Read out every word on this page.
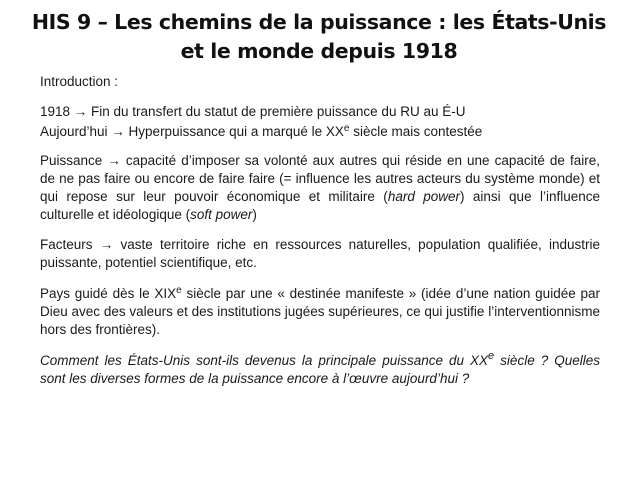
HIS 9 – Les chemins de la puissance : les États-Unis
et le monde depuis 1918

Introduction :

1918 → Fin du transfert du statut de première puissance du RU au É-U

Aujourd’hui → Hyperpuissance qui a marqué le XXe siècle mais contestée

Puissance → capacité d’imposer sa volonté aux autres qui réside en une capacité de faire, de ne pas faire ou encore de faire faire (= influence les autres acteurs du système monde) et qui repose sur leur pouvoir économique et militaire (hard power) ainsi que l’influence culturelle et idéologique (soft power)

Facteurs → vaste territoire riche en ressources naturelles, population qualifiée, industrie puissante, potentiel scientifique, etc.

Pays guidé dès le XIXe siècle par une « destinée manifeste » (idée d’une nation guidée par Dieu avec des valeurs et des institutions jugées supérieures, ce qui justifie l’interventionnisme hors des frontières).

Comment les États-Unis sont-ils devenus la principale puissance du XXe siècle ? Quelles sont les diverses formes de la puissance encore à l’œuvre aujourd’hui ?
